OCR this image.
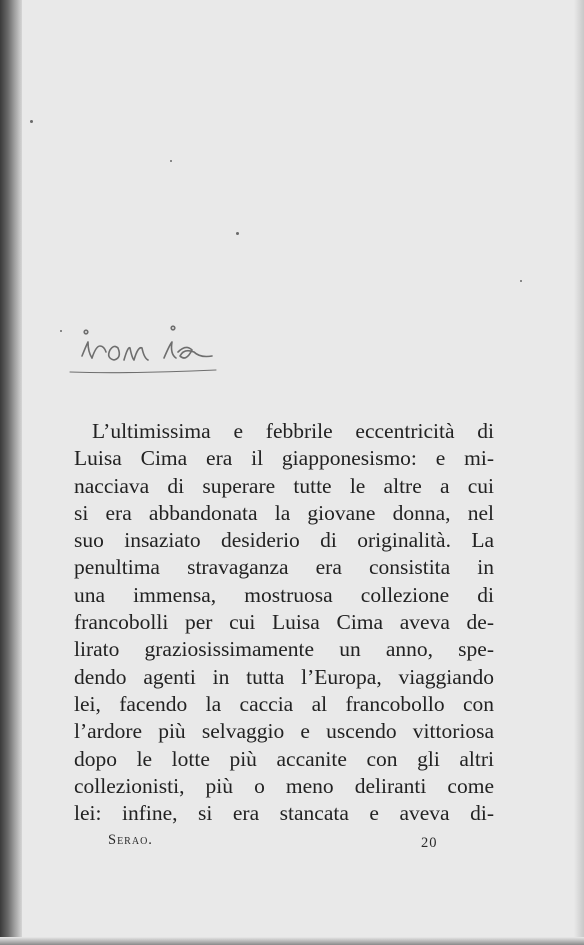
L’ultimissima e febbrile eccentricità di
Luisa Cima era il giapponesismo: e mi-
nacciava di superare tutte le altre a cui
si era abbandonata la giovane donna, nel
suo insaziato desiderio di originalità. La
penultima stravaganza era consistita in
una immensa, mostruosa collezione di
francobolli per cui Luisa Cima aveva de-
lirato graziosissimamente un anno, spe-
dendo agenti in tutta l’Europa, viaggiando
lei, facendo la caccia al francobollo con
l’ardore più selvaggio e uscendo vittoriosa
dopo le lotte più accanite con gli altri
collezionisti, più o meno deliranti come
lei: infine, si era stancata e aveva di-
Serao.	20
